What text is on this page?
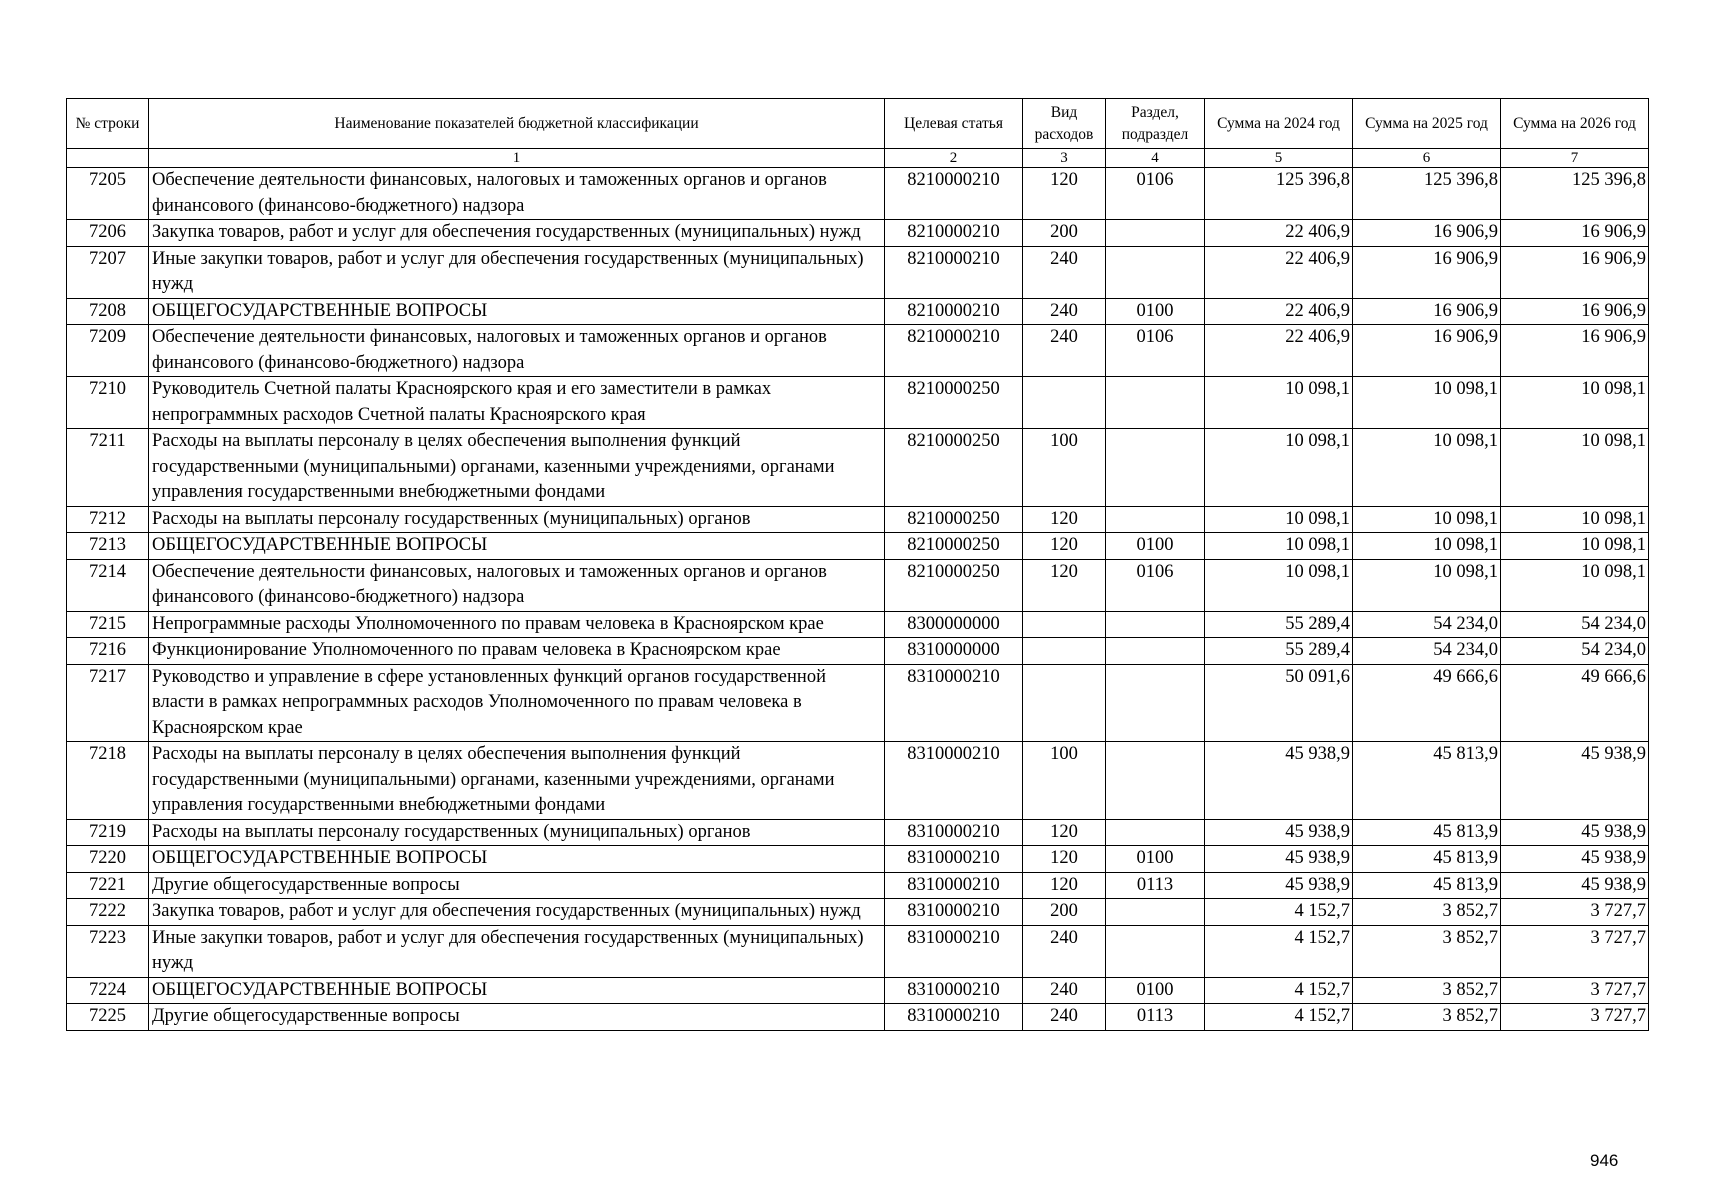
№ строки	Наименование показателей бюджетной классификации	Целевая статья	Вид расходов	Раздел, подраздел	Сумма на 2024 год	Сумма на 2025 год	Сумма на 2026 год
	1	2	3	4	5	6	7
7205	Обеспечение деятельности финансовых, налоговых и таможенных органов и органов финансового (финансово-бюджетного) надзора	8210000210	120	0106	125 396,8	125 396,8	125 396,8
7206	Закупка товаров, работ и услуг для обеспечения государственных (муниципальных) нужд	8210000210	200		22 406,9	16 906,9	16 906,9
7207	Иные закупки товаров, работ и услуг для обеспечения государственных (муниципальных) нужд	8210000210	240		22 406,9	16 906,9	16 906,9
7208	ОБЩЕГОСУДАРСТВЕННЫЕ ВОПРОСЫ	8210000210	240	0100	22 406,9	16 906,9	16 906,9
7209	Обеспечение деятельности финансовых, налоговых и таможенных органов и органов финансового (финансово-бюджетного) надзора	8210000210	240	0106	22 406,9	16 906,9	16 906,9
7210	Руководитель Счетной палаты Красноярского края и его заместители в рамках непрограммных расходов Счетной палаты Красноярского края	8210000250			10 098,1	10 098,1	10 098,1
7211	Расходы на выплаты персоналу в целях обеспечения выполнения функций государственными (муниципальными) органами, казенными учреждениями, органами управления государственными внебюджетными фондами	8210000250	100		10 098,1	10 098,1	10 098,1
7212	Расходы на выплаты персоналу государственных (муниципальных) органов	8210000250	120		10 098,1	10 098,1	10 098,1
7213	ОБЩЕГОСУДАРСТВЕННЫЕ ВОПРОСЫ	8210000250	120	0100	10 098,1	10 098,1	10 098,1
7214	Обеспечение деятельности финансовых, налоговых и таможенных органов и органов финансового (финансово-бюджетного) надзора	8210000250	120	0106	10 098,1	10 098,1	10 098,1
7215	Непрограммные расходы Уполномоченного по правам человека в Красноярском крае	8300000000			55 289,4	54 234,0	54 234,0
7216	Функционирование Уполномоченного по правам человека в Красноярском крае	8310000000			55 289,4	54 234,0	54 234,0
7217	Руководство и управление в сфере установленных функций органов государственной власти в рамках непрограммных расходов Уполномоченного по правам человека в Красноярском крае	8310000210			50 091,6	49 666,6	49 666,6
7218	Расходы на выплаты персоналу в целях обеспечения выполнения функций государственными (муниципальными) органами, казенными учреждениями, органами управления государственными внебюджетными фондами	8310000210	100		45 938,9	45 813,9	45 938,9
7219	Расходы на выплаты персоналу государственных (муниципальных) органов	8310000210	120		45 938,9	45 813,9	45 938,9
7220	ОБЩЕГОСУДАРСТВЕННЫЕ ВОПРОСЫ	8310000210	120	0100	45 938,9	45 813,9	45 938,9
7221	Другие общегосударственные вопросы	8310000210	120	0113	45 938,9	45 813,9	45 938,9
7222	Закупка товаров, работ и услуг для обеспечения государственных (муниципальных) нужд	8310000210	200		4 152,7	3 852,7	3 727,7
7223	Иные закупки товаров, работ и услуг для обеспечения государственных (муниципальных) нужд	8310000210	240		4 152,7	3 852,7	3 727,7
7224	ОБЩЕГОСУДАРСТВЕННЫЕ ВОПРОСЫ	8310000210	240	0100	4 152,7	3 852,7	3 727,7
7225	Другие общегосударственные вопросы	8310000210	240	0113	4 152,7	3 852,7	3 727,7
946
